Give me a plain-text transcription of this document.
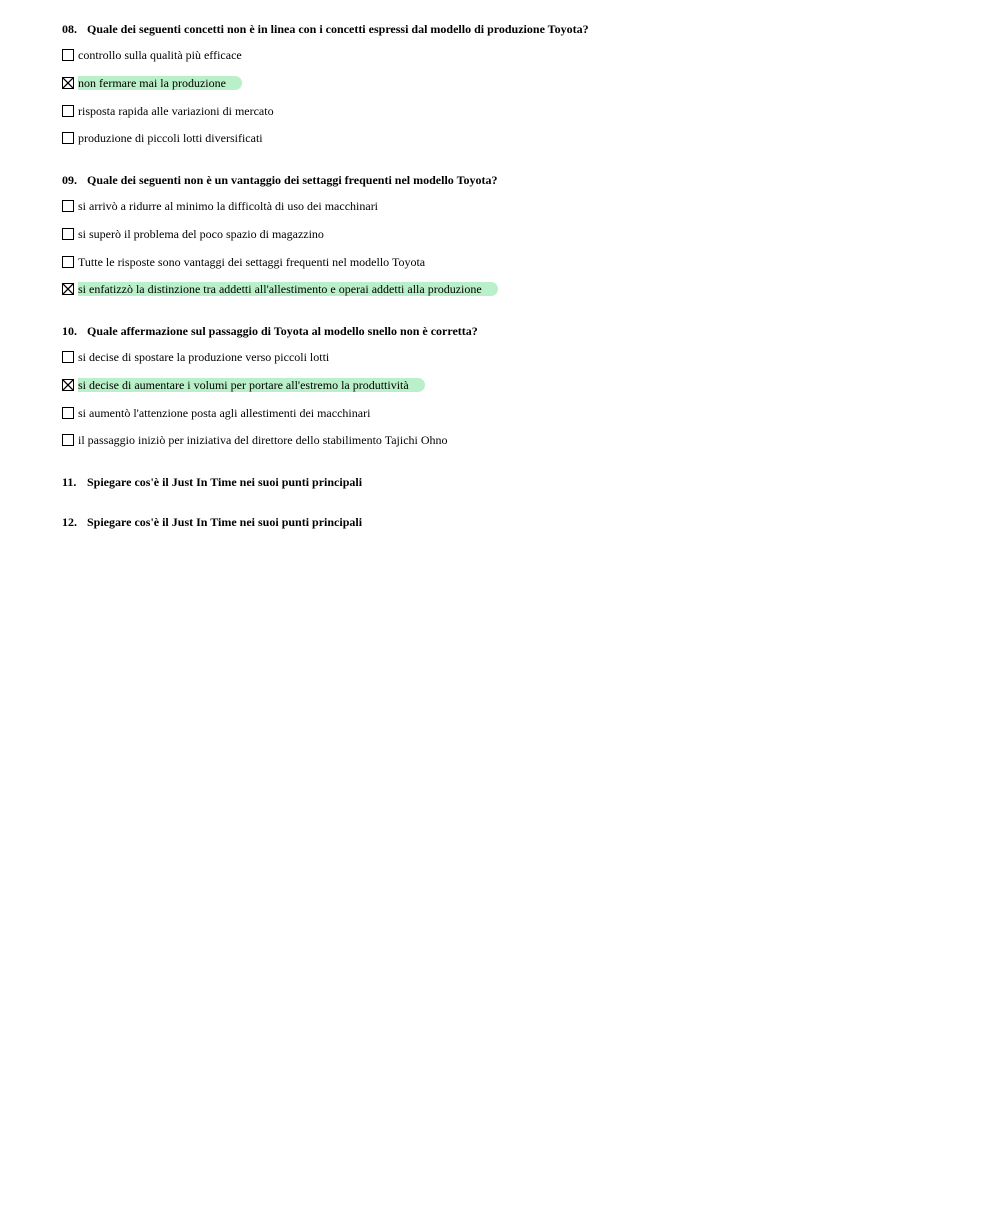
08. Quale dei seguenti concetti non è in linea con i concetti espressi dal modello di produzione Toyota?
controllo sulla qualità più efficace
non fermare mai la produzione
risposta rapida alle variazioni di mercato
produzione di piccoli lotti diversificati
09. Quale dei seguenti non è un vantaggio dei settaggi frequenti nel modello Toyota?
si arrivò a ridurre al minimo la difficoltà di uso dei macchinari
si superò il problema del poco spazio di magazzino
Tutte le risposte sono vantaggi dei settaggi frequenti nel modello Toyota
si enfatizzò la distinzione tra addetti all'allestimento e operai addetti alla produzione
10. Quale affermazione sul passaggio di Toyota al modello snello non è corretta?
si decise di spostare la produzione verso piccoli lotti
si decise di aumentare i volumi per portare all'estremo la produttività
si aumentò l'attenzione posta agli allestimenti dei macchinari
il passaggio iniziò per iniziativa del direttore dello stabilimento Tajichi Ohno
11. Spiegare cos'è il Just In Time nei suoi punti principali
12. Spiegare cos'è il Just In Time nei suoi punti principali
